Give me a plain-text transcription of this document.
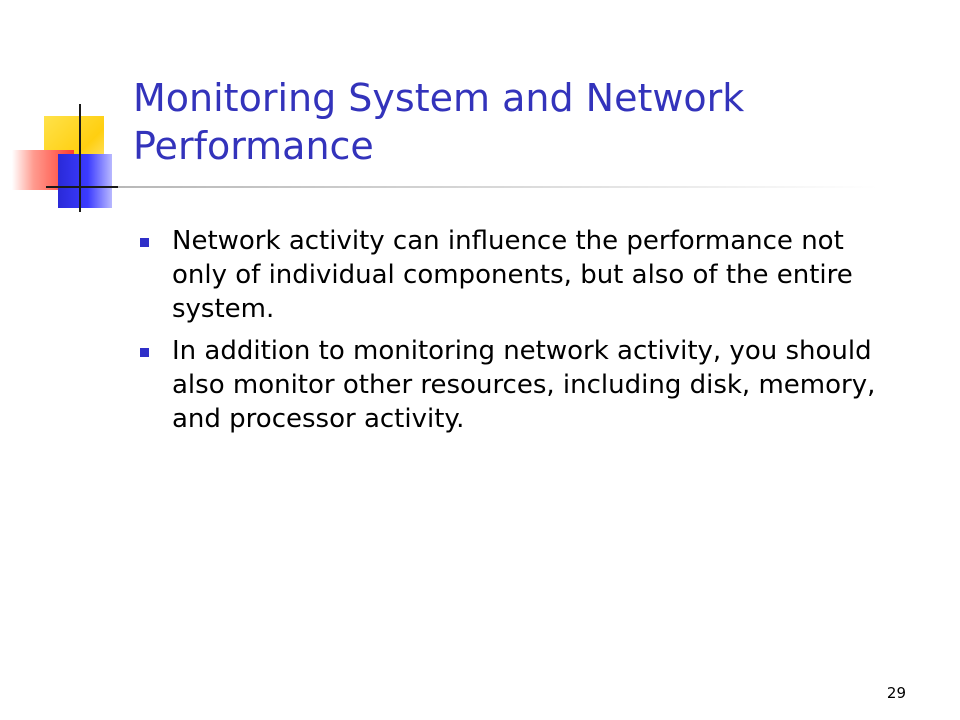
Monitoring System and Network Performance
Network activity can influence the performance not only of individual components, but also of the entire system.
In addition to monitoring network activity, you should also monitor other resources, including disk, memory, and processor activity.
29
